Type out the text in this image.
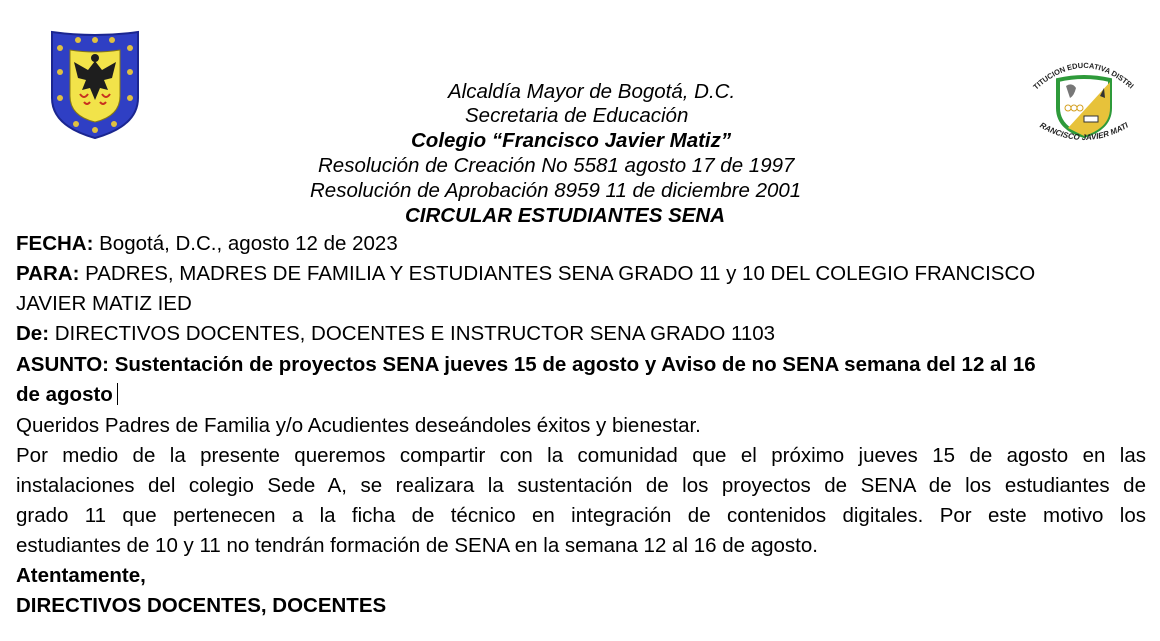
TITUCION EDUCATIVA DISTRI
RANCISCO JAVIER MATI
Alcaldía Mayor de Bogotá, D.C.
Secretaria de Educación
Colegio “Francisco Javier Matiz”
Resolución de Creación No 5581 agosto 17 de 1997
Resolución de Aprobación 8959 11 de diciembre 2001
CIRCULAR ESTUDIANTES SENA
FECHA: Bogotá, D.C., agosto 12 de 2023
PARA: PADRES, MADRES DE FAMILIA Y ESTUDIANTES SENA GRADO 11 y 10 DEL COLEGIO FRANCISCO
JAVIER MATIZ IED
De: DIRECTIVOS DOCENTES, DOCENTES E INSTRUCTOR SENA GRADO 1103
ASUNTO: Sustentación de proyectos SENA jueves 15 de agosto y Aviso de no SENA semana del 12 al 16
de agosto
Queridos Padres de Familia y/o Acudientes deseándoles éxitos y bienestar.
Por medio de la presente queremos compartir con la comunidad que el próximo jueves 15 de agosto en las
instalaciones del colegio Sede A, se realizara la sustentación de los proyectos de SENA de los estudiantes de
grado 11 que pertenecen a la ficha de técnico en integración de contenidos digitales. Por este motivo los
estudiantes de 10 y 11 no tendrán formación de SENA en la semana 12 al 16 de agosto.
Atentamente,
DIRECTIVOS DOCENTES, DOCENTES
